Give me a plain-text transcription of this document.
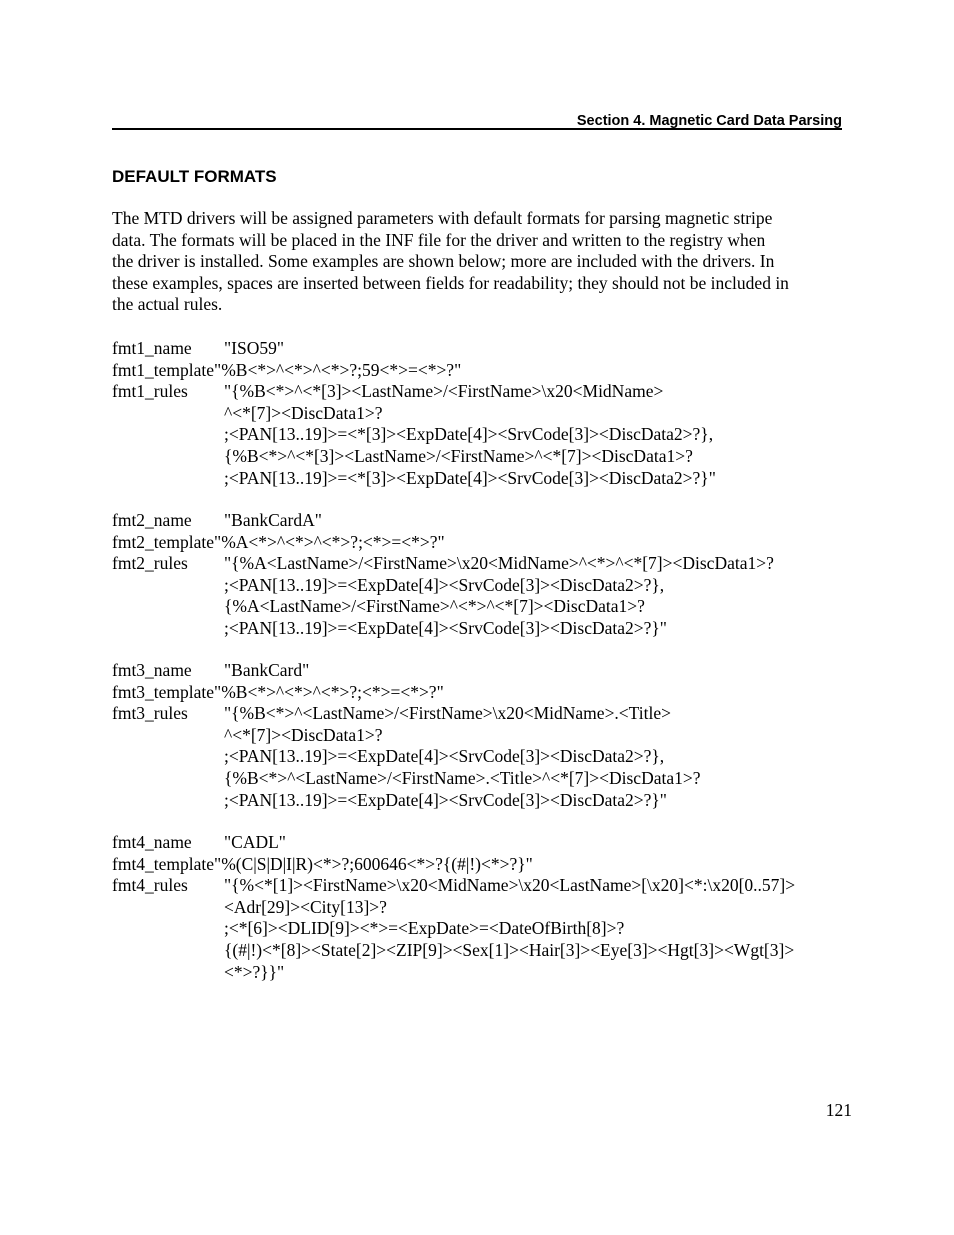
Section 4. Magnetic Card Data Parsing
DEFAULT FORMATS
The MTD drivers will be assigned parameters with default formats for parsing magnetic stripe
data. The formats will be placed in the INF file for the driver and written to the registry when
the driver is installed. Some examples are shown below; more are included with the drivers. In
these examples, spaces are inserted between fields for readability; they should not be included in
the actual rules.
fmt1_name "ISO59"
fmt1_template"%B<*>^<*>^<*>?;59<*>=<*>?"
fmt1_rules "{%B<*>^<*[3]><LastName>/<FirstName>\x20<MidName>
^<*[7]><DiscData1>?
;<PAN[13..19]>=<*[3]><ExpDate[4]><SrvCode[3]><DiscData2>?},
{%B<*>^<*[3]><LastName>/<FirstName>^<*[7]><DiscData1>?
;<PAN[13..19]>=<*[3]><ExpDate[4]><SrvCode[3]><DiscData2>?}"
fmt2_name "BankCardA"
fmt2_template"%A<*>^<*>^<*>?;<*>=<*>?"
fmt2_rules "{%A<LastName>/<FirstName>\x20<MidName>^<*>^<*[7]><DiscData1>?
;<PAN[13..19]>=<ExpDate[4]><SrvCode[3]><DiscData2>?},
{%A<LastName>/<FirstName>^<*>^<*[7]><DiscData1>?
;<PAN[13..19]>=<ExpDate[4]><SrvCode[3]><DiscData2>?}"
fmt3_name "BankCard"
fmt3_template"%B<*>^<*>^<*>?;<*>=<*>?"
fmt3_rules "{%B<*>^<LastName>/<FirstName>\x20<MidName>.<Title>
^<*[7]><DiscData1>?
;<PAN[13..19]>=<ExpDate[4]><SrvCode[3]><DiscData2>?},
{%B<*>^<LastName>/<FirstName>.<Title>^<*[7]><DiscData1>?
;<PAN[13..19]>=<ExpDate[4]><SrvCode[3]><DiscData2>?}"
fmt4_name "CADL"
fmt4_template"%(C|S|D|I|R)<*>?;600646<*>?{(#|!)<*>?}"
fmt4_rules "{%<*[1]><FirstName>\x20<MidName>\x20<LastName>[\x20]<*:\x20[0..57]>
<Adr[29]><City[13]>?
;<*[6]><DLID[9]><*>=<ExpDate>=<DateOfBirth[8]>?
{(#|!)<*[8]><State[2]><ZIP[9]><Sex[1]><Hair[3]><Eye[3]><Hgt[3]><Wgt[3]>
<*>?}}"
121
